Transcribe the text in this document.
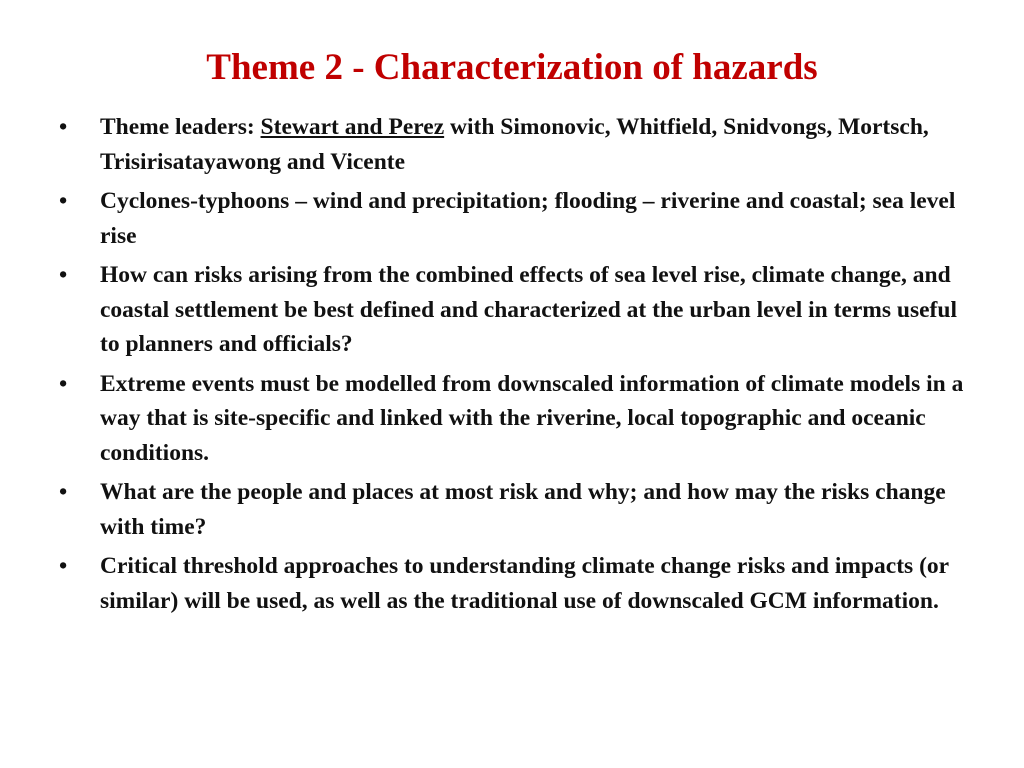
Theme 2 - Characterization of hazards
•	Theme leaders: Stewart and Perez with Simonovic, Whitfield, Snidvongs, Mortsch, Trisirisatayawong and Vicente
•	Cyclones-typhoons – wind and precipitation; flooding – riverine and coastal; sea level rise
•	How can risks arising from the combined effects of sea level rise, climate change, and coastal settlement be best defined and characterized at the urban level in terms useful to planners and officials?
•	Extreme events must be modelled from downscaled information of climate models in a way that is site-specific and linked with the riverine, local topographic and oceanic conditions.
•	What are the people and places at most risk and why; and how may the risks change with time?
•	Critical threshold approaches to understanding climate change risks and impacts (or similar) will be used, as well as the traditional use of downscaled GCM information.
